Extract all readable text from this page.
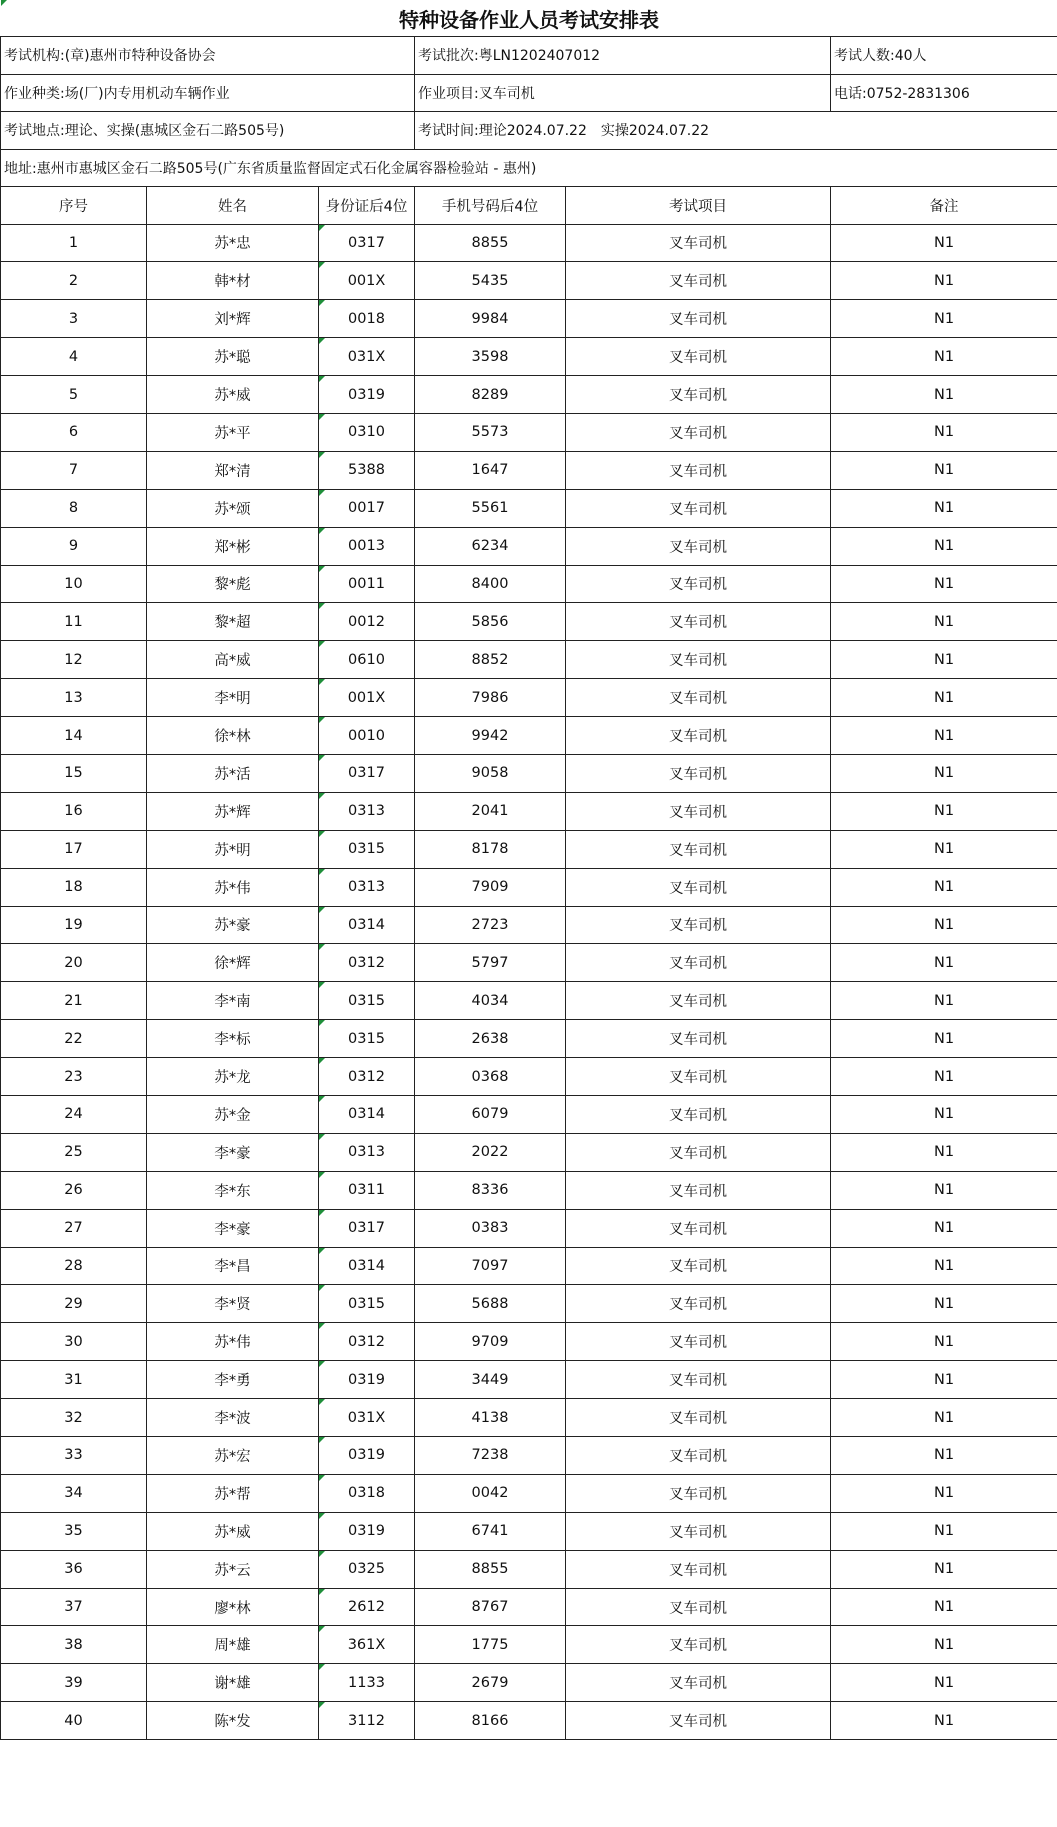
特种设备作业人员考试安排表					
考试机构:(章)惠州市特种设备协会			考试批次:粤LN1202407012		考试人数:40人
作业种类:场(厂)内专用机动车辆作业			作业项目:叉车司机		电话:0752-2831306
考试地点:理论、实操(惠城区金石二路505号)			考试时间:理论2024.07.22　实操2024.07.22		
地址:惠州市惠城区金石二路505号(广东省质量监督固定式石化金属容器检验站 - 惠州)					
序号	姓名	身份证后4位	手机号码后4位	考试项目	备注
1	苏*忠	0317	8855	叉车司机	N1
2	韩*材	001X	5435	叉车司机	N1
3	刘*辉	0018	9984	叉车司机	N1
4	苏*聪	031X	3598	叉车司机	N1
5	苏*威	0319	8289	叉车司机	N1
6	苏*平	0310	5573	叉车司机	N1
7	郑*清	5388	1647	叉车司机	N1
8	苏*颂	0017	5561	叉车司机	N1
9	郑*彬	0013	6234	叉车司机	N1
10	黎*彪	0011	8400	叉车司机	N1
11	黎*超	0012	5856	叉车司机	N1
12	高*威	0610	8852	叉车司机	N1
13	李*明	001X	7986	叉车司机	N1
14	徐*林	0010	9942	叉车司机	N1
15	苏*活	0317	9058	叉车司机	N1
16	苏*辉	0313	2041	叉车司机	N1
17	苏*明	0315	8178	叉车司机	N1
18	苏*伟	0313	7909	叉车司机	N1
19	苏*豪	0314	2723	叉车司机	N1
20	徐*辉	0312	5797	叉车司机	N1
21	李*南	0315	4034	叉车司机	N1
22	李*标	0315	2638	叉车司机	N1
23	苏*龙	0312	0368	叉车司机	N1
24	苏*金	0314	6079	叉车司机	N1
25	李*豪	0313	2022	叉车司机	N1
26	李*东	0311	8336	叉车司机	N1
27	李*豪	0317	0383	叉车司机	N1
28	李*昌	0314	7097	叉车司机	N1
29	李*贤	0315	5688	叉车司机	N1
30	苏*伟	0312	9709	叉车司机	N1
31	李*勇	0319	3449	叉车司机	N1
32	李*波	031X	4138	叉车司机	N1
33	苏*宏	0319	7238	叉车司机	N1
34	苏*帮	0318	0042	叉车司机	N1
35	苏*威	0319	6741	叉车司机	N1
36	苏*云	0325	8855	叉车司机	N1
37	廖*林	2612	8767	叉车司机	N1
38	周*雄	361X	1775	叉车司机	N1
39	谢*雄	1133	2679	叉车司机	N1
40	陈*发	3112	8166	叉车司机	N1
